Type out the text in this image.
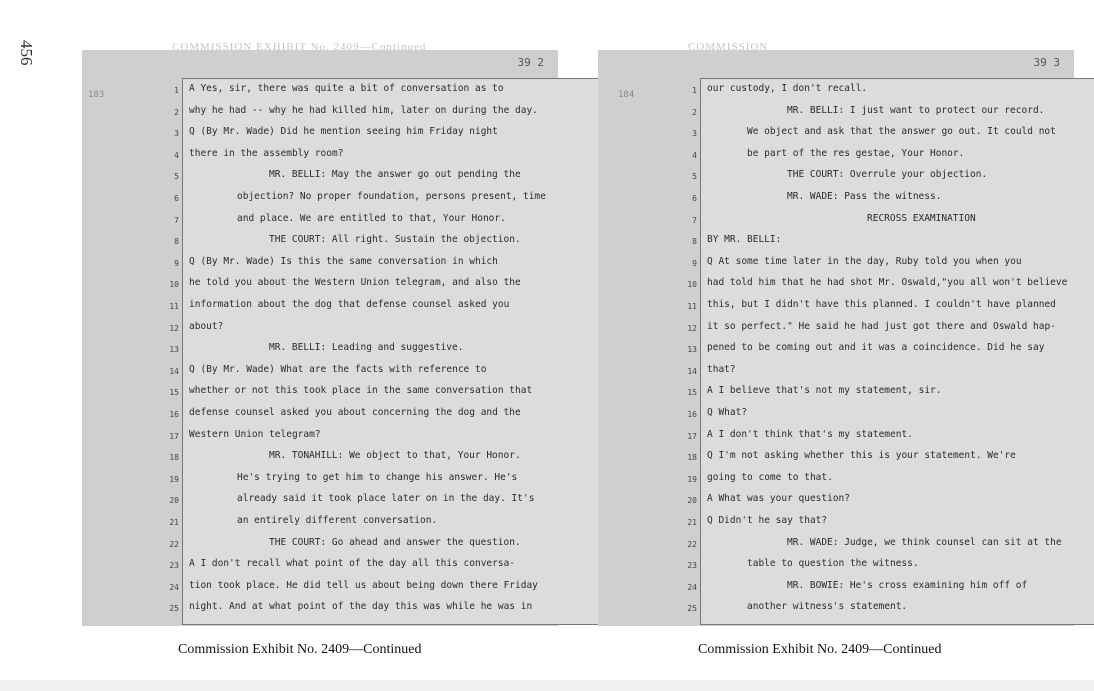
456	COMMISSION EXHIBIT No. 2409—Continued
39 2
183	1 A Yes, sir, there was quite a bit of conversation as to
2 why he had -- why he had killed him, later on during the day.
3 Q (By Mr. Wade) Did he mention seeing him Friday night
4 there in the assembly room?
5	MR. BELLI: May the answer go out pending the
6	objection? No proper foundation, persons present, time
7	and place. We are entitled to that, Your Honor.
8	THE COURT: All right. Sustain the objection.
9 Q (By Mr. Wade) Is this the same conversation in which
10 he told you about the Western Union telegram, and also the
11 information about the dog that defense counsel asked you
12 about?
13	MR. BELLI: Leading and suggestive.
14 Q (By Mr. Wade) What are the facts with reference to
15 whether or not this took place in the same conversation that
16 defense counsel asked you about concerning the dog and the
17 Western Union telegram?
18	MR. TONAHILL: We object to that, Your Honor.
19	He's trying to get him to change his answer. He's
20	already said it took place later on in the day. It's
21	an entirely different conversation.
22	THE COURT: Go ahead and answer the question.
23 A I don't recall what point of the day all this conversa-
24 tion took place. He did tell us about being down there Friday
25 night. And at what point of the day this was while he was in
COMMISSION
39 3
184	1 our custody, I don't recall.
2	MR. BELLI: I just want to protect our record.
3	We object and ask that the answer go out. It could not
4	be part of the res gestae, Your Honor.
5	THE COURT: Overrule your objection.
6	MR. WADE: Pass the witness.
7	RECROSS EXAMINATION
8 BY MR. BELLI:
9 Q At some time later in the day, Ruby told you when you
10 had told him that he had shot Mr. Oswald,"you all won't believe
11 this, but I didn't have this planned. I couldn't have planned
12 it so perfect." He said he had just got there and Oswald hap-
13 pened to be coming out and it was a coincidence. Did he say
14 that?
15 A I believe that's not my statement, sir.
16 Q What?
17 A I don't think that's my statement.
18 Q I'm not asking whether this is your statement. We're
19 going to come to that.
20 A What was your question?
21 Q Didn't he say that?
22	MR. WADE: Judge, we think counsel can sit at the
23	table to question the witness.
24	MR. BOWIE: He's cross examining him off of
25	another witness's statement.
Commission Exhibit No. 2409—Continued	Commission Exhibit No. 2409—Continued
